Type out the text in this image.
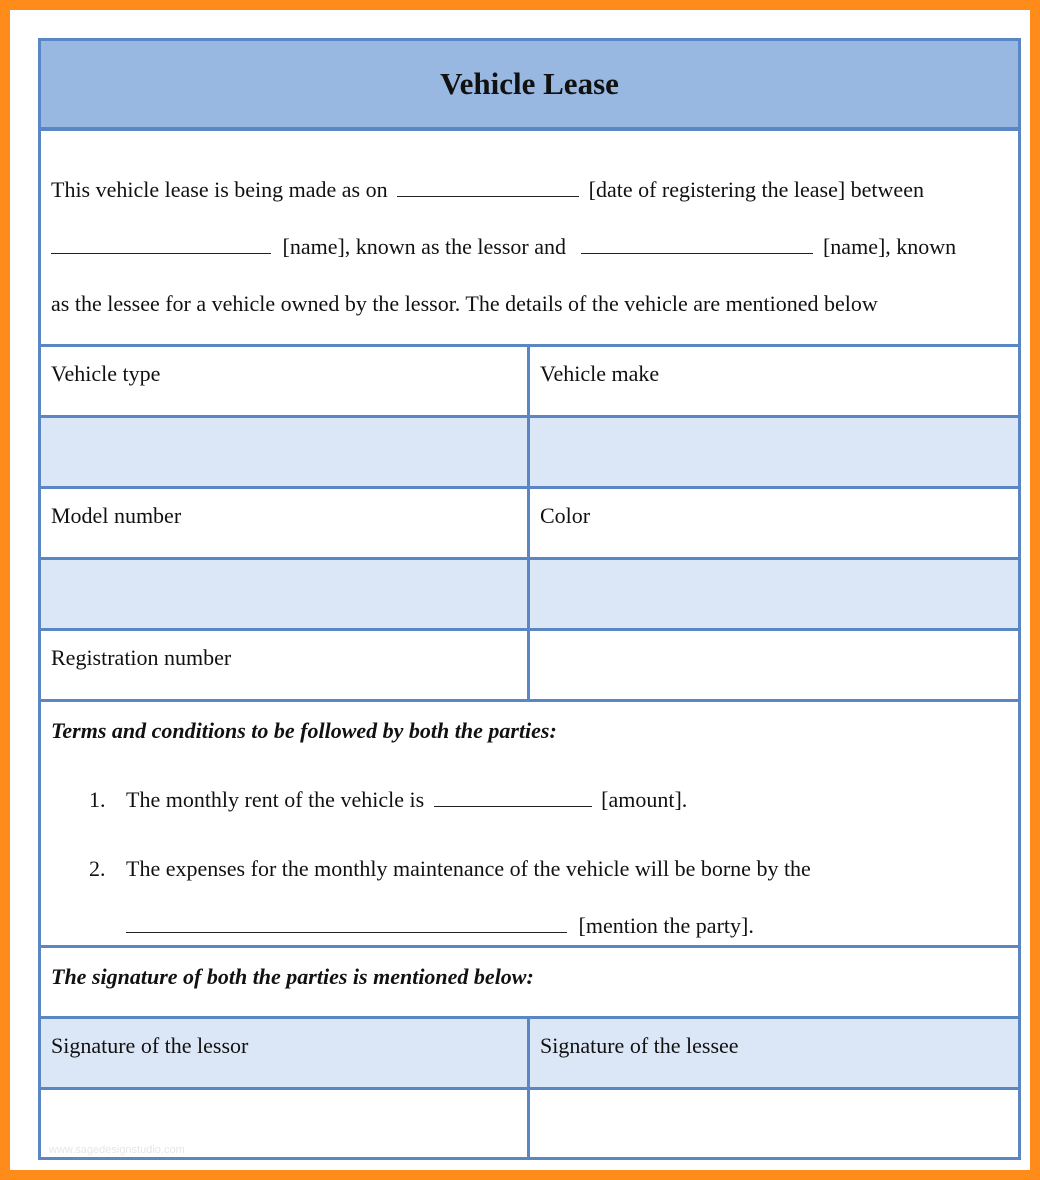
Vehicle Lease
This vehicle lease is being made as on	[date of registering the lease] between
[name], known as the lessor and	[name], known
as the lessee for a vehicle owned by the lessor. The details of the vehicle are mentioned below
Vehicle type	Vehicle make
Model number	Color
Registration number
Terms and conditions to be followed by both the parties:
1. The monthly rent of the vehicle is	[amount].
2. The expenses for the monthly maintenance of the vehicle will be borne by the
[mention the party].
The signature of both the parties is mentioned below:
Signature of the lessor	Signature of the lessee
www.sagedesignstudio.com
